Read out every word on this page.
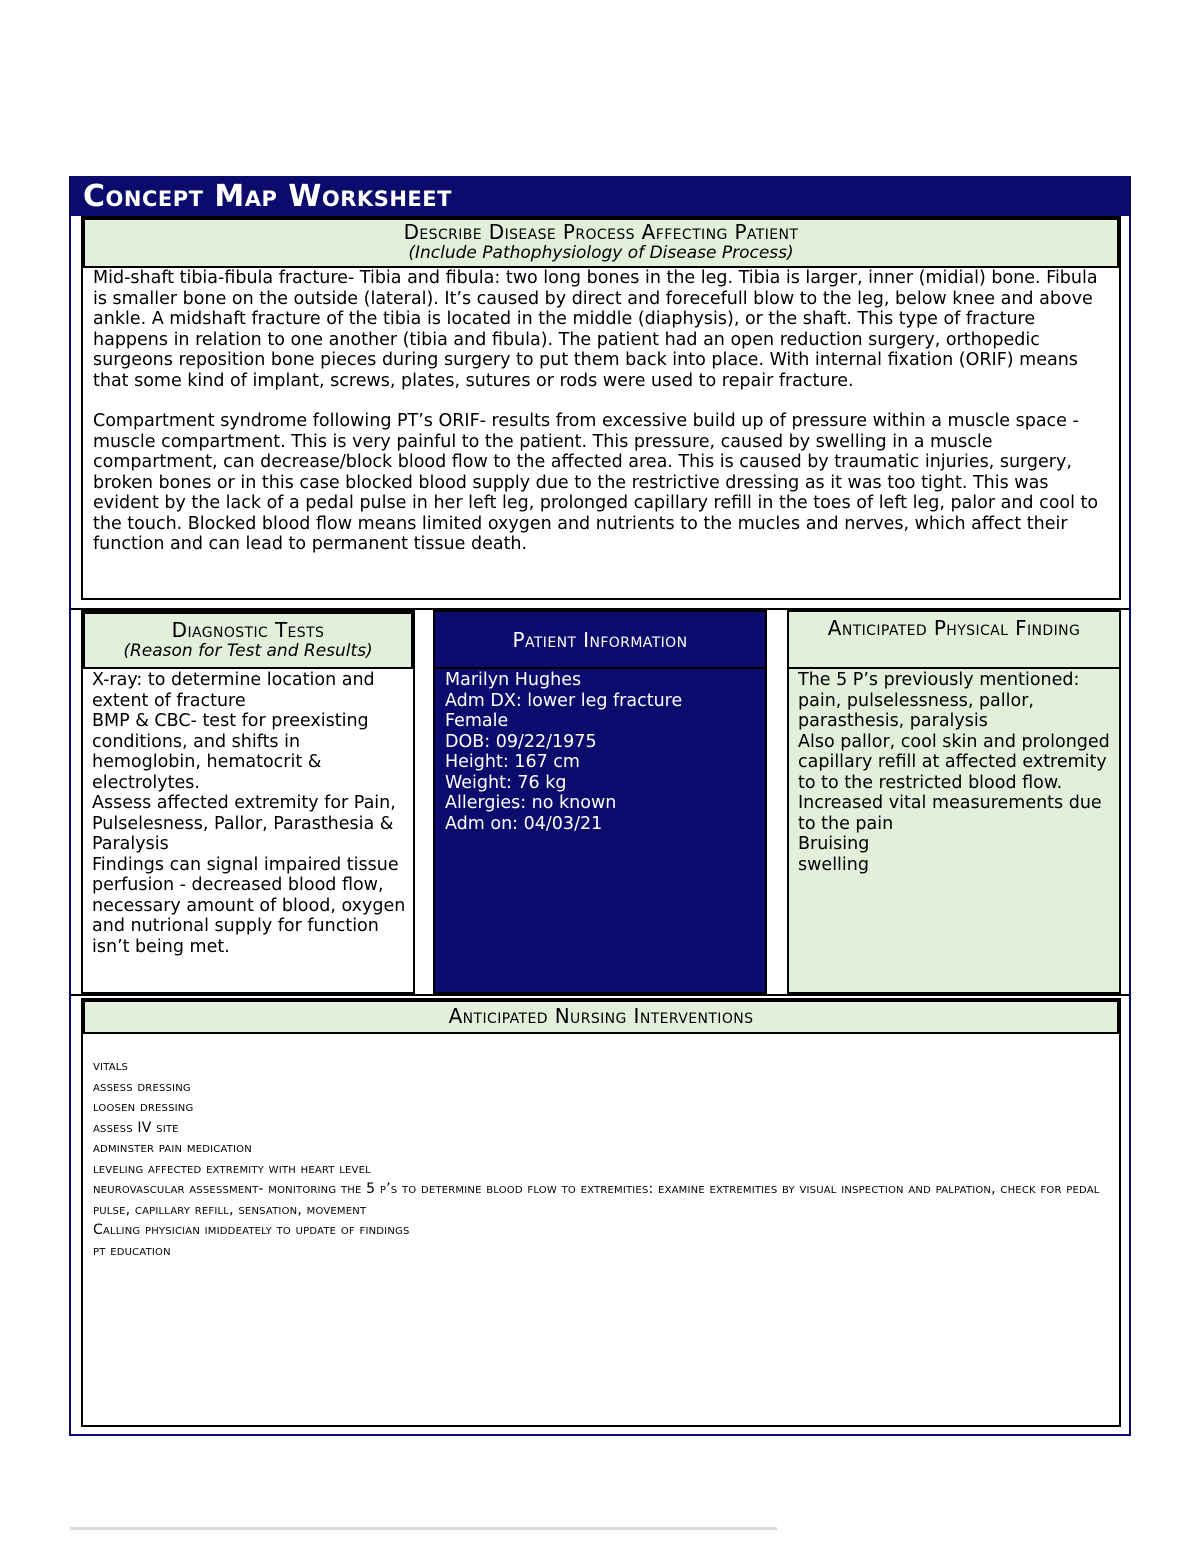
Concept Map Worksheet
Describe Disease Process Affecting Patient
(Include Pathophysiology of Disease Process)

Mid-shaft tibia-fibula fracture- Tibia and fibula: two long bones in the leg. Tibia is larger, inner (midial) bone. Fibula is smaller bone on the outside (lateral). It’s caused by direct and forecefull blow to the leg, below knee and above ankle. A midshaft fracture of the tibia is located in the middle (diaphysis), or the shaft. This type of fracture happens in relation to one another (tibia and fibula). The patient had an open reduction surgery, orthopedic surgeons reposition bone pieces during surgery to put them back into place. With internal fixation (ORIF) means that some kind of implant, screws, plates, sutures or rods were used to repair fracture.

Compartment syndrome following PT’s ORIF- results from excessive build up of pressure within a muscle space - muscle compartment. This is very painful to the patient. This pressure, caused by swelling in a muscle compartment, can decrease/block blood flow to the affected area. This is caused by traumatic injuries, surgery, broken bones or in this case blocked blood supply due to the restrictive dressing as it was too tight. This was evident by the lack of a pedal pulse in her left leg, prolonged capillary refill in the toes of left leg, palor and cool to the touch. Blocked blood flow means limited oxygen and nutrients to the mucles and nerves, which affect their function and can lead to permanent tissue death.

Diagnostic Tests
(Reason for Test and Results)

X-ray: to determine location and extent of fracture

BMP & CBC- test for preexisting conditions, and shifts in hemoglobin, hematocrit & electrolytes.

Assess affected extremity for Pain, Pulselesness, Pallor, Parasthesia & Paralysis

Findings can signal impaired tissue perfusion - decreased blood flow, necessary amount of blood, oxygen and nutrional supply for function isn’t being met.

Patient Information

Marilyn Hughes

Adm DX: lower leg fracture

Female

DOB: 09/22/1975

Height: 167 cm

Weight: 76 kg

Allergies: no known

Adm on: 04/03/21

Anticipated Physical Finding

The 5 P’s previously mentioned: pain, pulselessness, pallor, parasthesis, paralysis

Also pallor, cool skin and prolonged capillary refill at affected extremity to to the restricted blood flow.

Increased vital measurements due to the pain

Bruising

swelling

Anticipated Nursing Interventions
vitals
assess dressing
loosen dressing
assess IV site
adminster pain medication
leveling affected extremity with heart level
neurovascular assessment- monitoring the 5 p’s to determine blood flow to extremities: examine extremities by visual inspection and palpation, check for pedal pulse, capillary refill, sensation, movement
Calling physician imiddeately to update of findings
pt education
